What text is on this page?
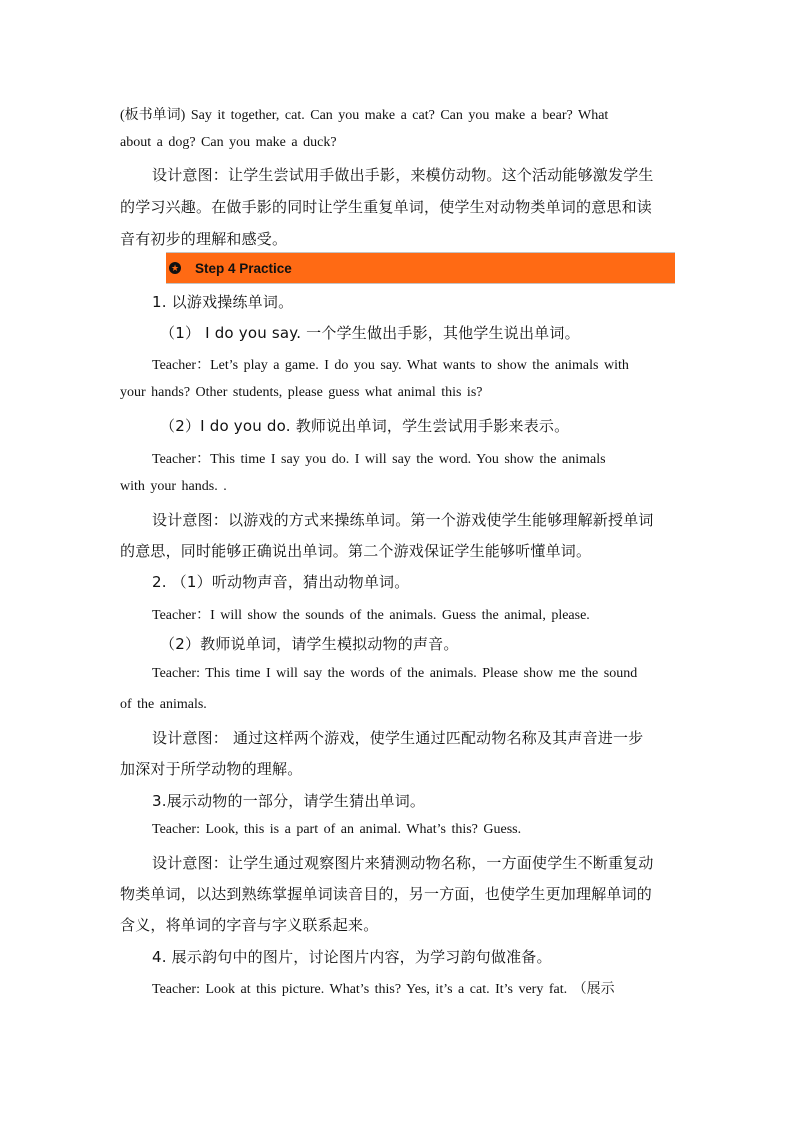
(板书单词) Say it together, cat. Can you make a cat? Can you make a bear? What
about a dog? Can you make a duck?
设计意图：让学生尝试用手做出手影，来模仿动物。这个活动能够激发学生
的学习兴趣。在做手影的同时让学生重复单词，使学生对动物类单词的意思和读
音有初步的理解和感受。
★ Step 4 Practice
1. 以游戏操练单词。
（1） I do you say. 一个学生做出手影，其他学生说出单词。
Teacher：Let’s play a game. I do you say. What wants to show the animals with
your hands? Other students, please guess what animal this is?
（2）I do you do. 教师说出单词，学生尝试用手影来表示。
Teacher：This time I say you do. I will say the word. You show the animals
with your hands. .
设计意图：以游戏的方式来操练单词。第一个游戏使学生能够理解新授单词
的意思，同时能够正确说出单词。第二个游戏保证学生能够听懂单词。
2. （1）听动物声音，猜出动物单词。
Teacher：I will show the sounds of the animals. Guess the animal, please.
（2）教师说单词，请学生模拟动物的声音。
Teacher: This time I will say the words of the animals. Please show me the sound
of the animals.
设计意图： 通过这样两个游戏，使学生通过匹配动物名称及其声音进一步
加深对于所学动物的理解。
3.展示动物的一部分，请学生猜出单词。
Teacher: Look, this is a part of an animal. What’s this? Guess.
设计意图：让学生通过观察图片来猜测动物名称，一方面使学生不断重复动
物类单词，以达到熟练掌握单词读音目的，另一方面，也使学生更加理解单词的
含义，将单词的字音与字义联系起来。
4. 展示韵句中的图片，讨论图片内容，为学习韵句做准备。
Teacher: Look at this picture. What’s this? Yes, it’s a cat. It’s very fat. （展示
